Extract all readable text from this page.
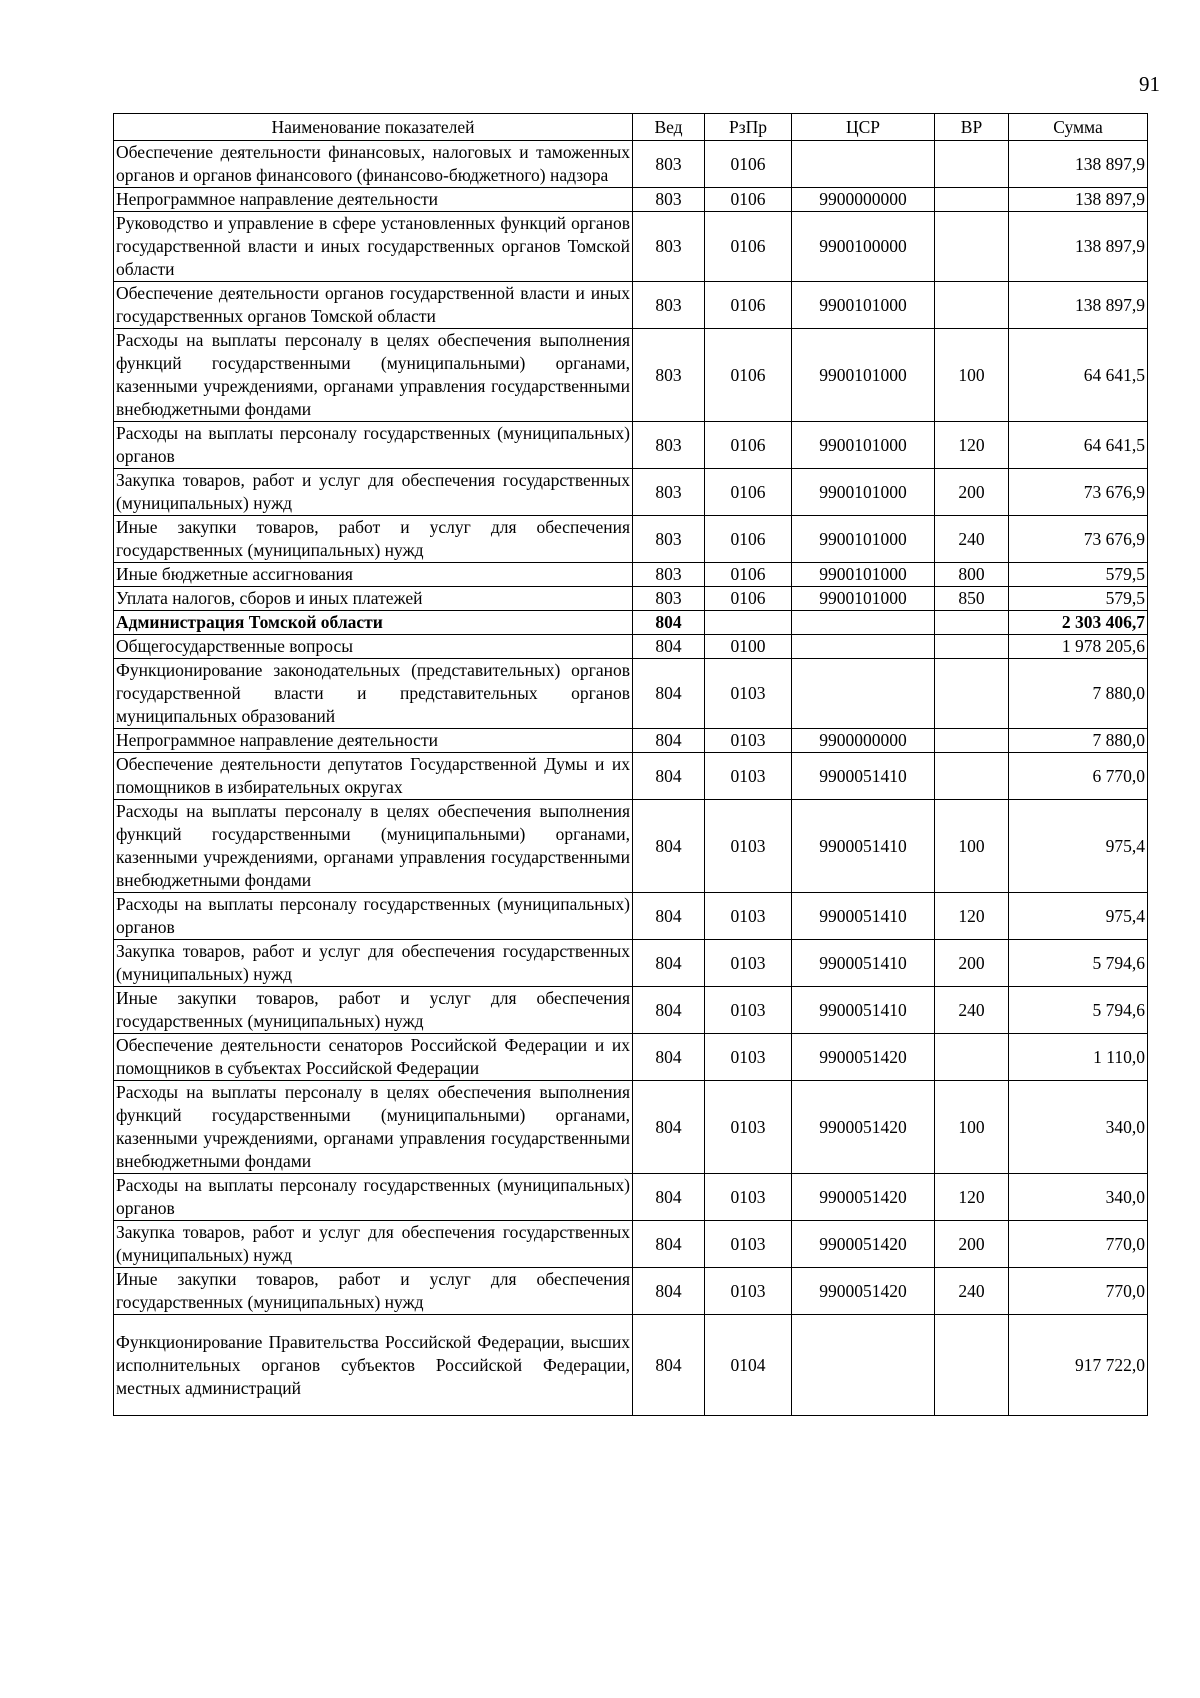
91
Наименование показателей	Вед	РзПр	ЦСР	ВР	Сумма
Обеспечение деятельности финансовых, налоговых и таможенных органов и органов финансового (финансово-бюджетного) надзора	803	0106			138 897,9
Непрограммное направление деятельности	803	0106	9900000000		138 897,9
Руководство и управление в сфере установленных функций органов государственной власти и иных государственных органов Томской области	803	0106	9900100000		138 897,9
Обеспечение деятельности органов государственной власти и иных государственных органов Томской области	803	0106	9900101000		138 897,9
Расходы на выплаты персоналу в целях обеспечения выполнения функций государственными (муниципальными) органами, казенными учреждениями, органами управления государственными внебюджетными фондами	803	0106	9900101000	100	64 641,5
Расходы на выплаты персоналу государственных (муниципальных) органов	803	0106	9900101000	120	64 641,5
Закупка товаров, работ и услуг для обеспечения государственных (муниципальных) нужд	803	0106	9900101000	200	73 676,9
Иные закупки товаров, работ и услуг для обеспечения государственных (муниципальных) нужд	803	0106	9900101000	240	73 676,9
Иные бюджетные ассигнования	803	0106	9900101000	800	579,5
Уплата налогов, сборов и иных платежей	803	0106	9900101000	850	579,5
Администрация Томской области	804				2 303 406,7
Общегосударственные вопросы	804	0100			1 978 205,6
Функционирование законодательных (представительных) органов государственной власти и представительных органов муниципальных образований	804	0103			7 880,0
Непрограммное направление деятельности	804	0103	9900000000		7 880,0
Обеспечение деятельности депутатов Государственной Думы и их помощников в избирательных округах	804	0103	9900051410		6 770,0
Расходы на выплаты персоналу в целях обеспечения выполнения функций государственными (муниципальными) органами, казенными учреждениями, органами управления государственными внебюджетными фондами	804	0103	9900051410	100	975,4
Расходы на выплаты персоналу государственных (муниципальных) органов	804	0103	9900051410	120	975,4
Закупка товаров, работ и услуг для обеспечения государственных (муниципальных) нужд	804	0103	9900051410	200	5 794,6
Иные закупки товаров, работ и услуг для обеспечения государственных (муниципальных) нужд	804	0103	9900051410	240	5 794,6
Обеспечение деятельности сенаторов Российской Федерации и их помощников в субъектах Российской Федерации	804	0103	9900051420		1 110,0
Расходы на выплаты персоналу в целях обеспечения выполнения функций государственными (муниципальными) органами, казенными учреждениями, органами управления государственными внебюджетными фондами	804	0103	9900051420	100	340,0
Расходы на выплаты персоналу государственных (муниципальных) органов	804	0103	9900051420	120	340,0
Закупка товаров, работ и услуг для обеспечения государственных (муниципальных) нужд	804	0103	9900051420	200	770,0
Иные закупки товаров, работ и услуг для обеспечения государственных (муниципальных) нужд	804	0103	9900051420	240	770,0
Функционирование Правительства Российской Федерации, высших исполнительных органов субъектов Российской Федерации, местных администраций	804	0104			917 722,0
